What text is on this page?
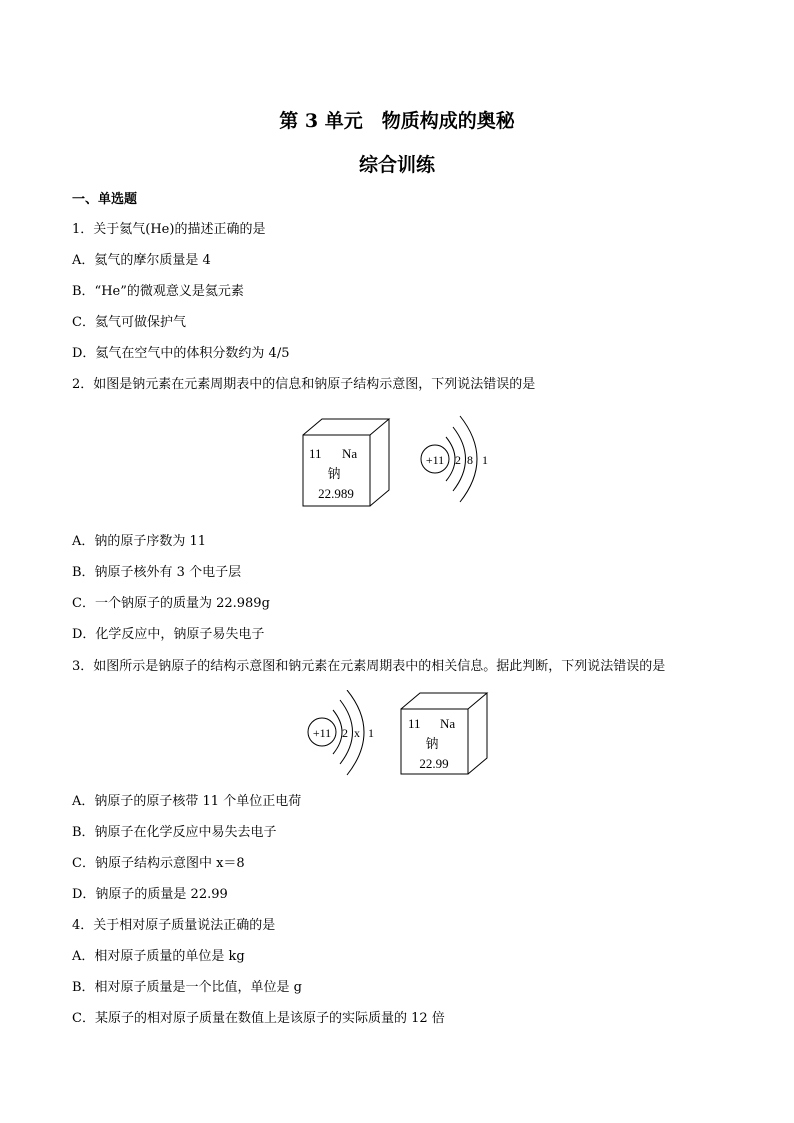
第 3 单元　物质构成的奥秘
综合训练
一、单选题
1．关于氦气(He)的描述正确的是
A．氦气的摩尔质量是 4
B．“He”的微观意义是氦元素
C．氦气可做保护气
D．氦气在空气中的体积分数约为 4/5
2．如图是钠元素在元素周期表中的信息和钠原子结构示意图，下列说法错误的是
11 Na
钠
22.989
+11 2 8 1
A．钠的原子序数为 11
B．钠原子核外有 3 个电子层
C．一个钠原子的质量为 22.989g
D．化学反应中，钠原子易失电子
3．如图所示是钠原子的结构示意图和钠元素在元素周期表中的相关信息。据此判断，下列说法错误的是
+11 2 x 1
11 Na
钠
22.99
A．钠原子的原子核带 11 个单位正电荷
B．钠原子在化学反应中易失去电子
C．钠原子结构示意图中 x＝8
D．钠原子的质量是 22.99
4．关于相对原子质量说法正确的是
A．相对原子质量的单位是 kg
B．相对原子质量是一个比值，单位是 g
C．某原子的相对原子质量在数值上是该原子的实际质量的 12 倍
